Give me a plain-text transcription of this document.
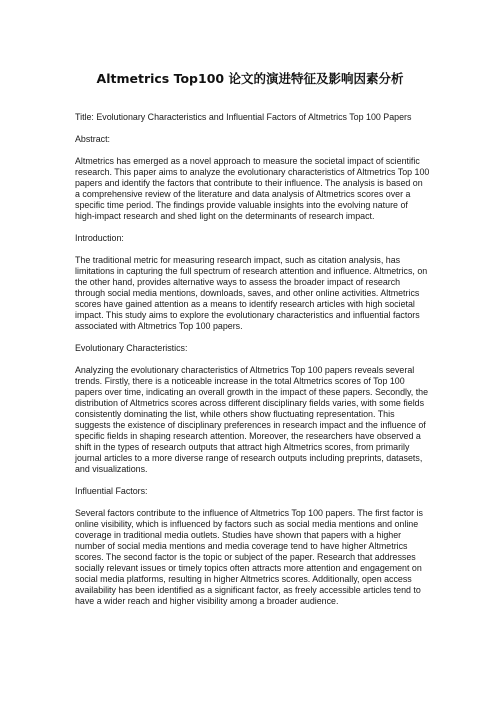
Altmetrics Top100 论文的演进特征及影响因素分析

Title: Evolutionary Characteristics and Influential Factors of Altmetrics Top 100 Papers

Abstract:

Altmetrics has emerged as a novel approach to measure the societal impact of scientific research. This paper aims to analyze the evolutionary characteristics of Altmetrics Top 100 papers and identify the factors that contribute to their influence. The analysis is based on a comprehensive review of the literature and data analysis of Altmetrics scores over a specific time period. The findings provide valuable insights into the evolving nature of high-impact research and shed light on the determinants of research impact.

Introduction:

The traditional metric for measuring research impact, such as citation analysis, has limitations in capturing the full spectrum of research attention and influence. Altmetrics, on the other hand, provides alternative ways to assess the broader impact of research through social media mentions, downloads, saves, and other online activities. Altmetrics scores have gained attention as a means to identify research articles with high societal impact. This study aims to explore the evolutionary characteristics and influential factors associated with Altmetrics Top 100 papers.

Evolutionary Characteristics:

Analyzing the evolutionary characteristics of Altmetrics Top 100 papers reveals several trends. Firstly, there is a noticeable increase in the total Altmetrics scores of Top 100 papers over time, indicating an overall growth in the impact of these papers. Secondly, the distribution of Altmetrics scores across different disciplinary fields varies, with some fields consistently dominating the list, while others show fluctuating representation. This suggests the existence of disciplinary preferences in research impact and the influence of specific fields in shaping research attention. Moreover, the researchers have observed a shift in the types of research outputs that attract high Altmetrics scores, from primarily journal articles to a more diverse range of research outputs including preprints, datasets, and visualizations.

Influential Factors:

Several factors contribute to the influence of Altmetrics Top 100 papers. The first factor is online visibility, which is influenced by factors such as social media mentions and online coverage in traditional media outlets. Studies have shown that papers with a higher number of social media mentions and media coverage tend to have higher Altmetrics scores. The second factor is the topic or subject of the paper. Research that addresses socially relevant issues or timely topics often attracts more attention and engagement on social media platforms, resulting in higher Altmetrics scores. Additionally, open access availability has been identified as a significant factor, as freely accessible articles tend to have a wider reach and higher visibility among a broader audience.
